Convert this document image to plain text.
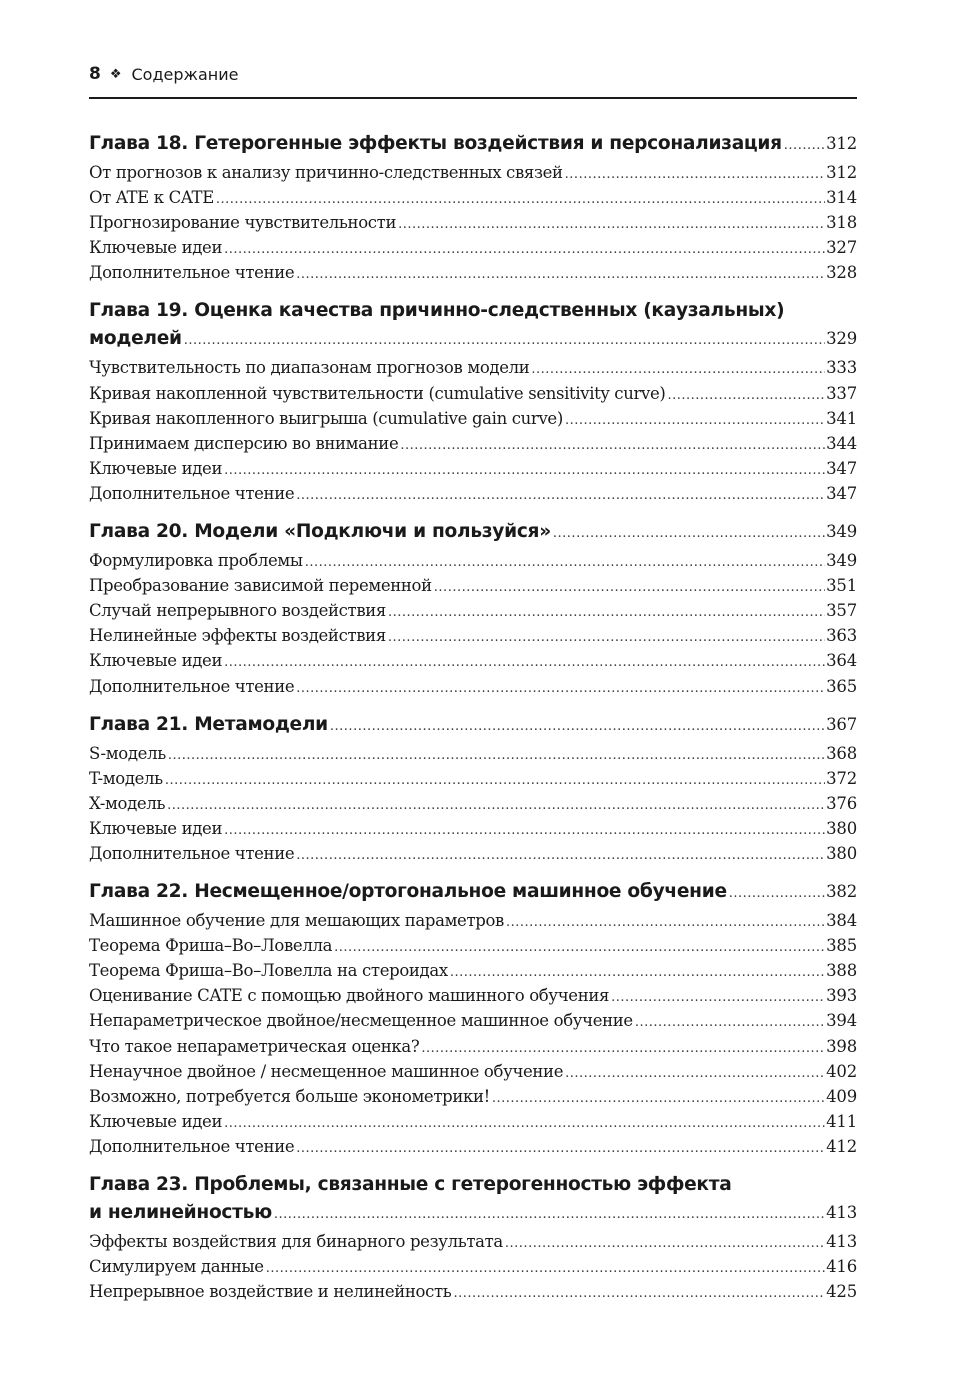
8 ❖ Содержание
Глава 18. Гетерогенные эффекты воздействия и персонализация .....	312
От прогнозов к анализу причинно-следственных связей .....	312
От ATE к CATE .....	314
Прогнозирование чувствительности .....	318
Ключевые идеи .....	327
Дополнительное чтение .....	328
Глава 19. Оценка качества причинно-следственных (каузальных)
моделей .....	329
Чувствительность по диапазонам прогнозов модели .....	333
Кривая накопленной чувствительности (cumulative sensitivity curve) .....	337
Кривая накопленного выигрыша (cumulative gain curve) .....	341
Принимаем дисперсию во внимание .....	344
Ключевые идеи .....	347
Дополнительное чтение .....	347
Глава 20. Модели «Подключи и пользуйся» .....	349
Формулировка проблемы .....	349
Преобразование зависимой переменной .....	351
Случай непрерывного воздействия .....	357
Нелинейные эффекты воздействия .....	363
Ключевые идеи .....	364
Дополнительное чтение .....	365
Глава 21. Метамодели .....	367
S-модель .....	368
T-модель .....	372
X-модель .....	376
Ключевые идеи .....	380
Дополнительное чтение .....	380
Глава 22. Несмещенное/ортогональное машинное обучение .....	382
Машинное обучение для мешающих параметров .....	384
Теорема Фриша–Во–Ловелла .....	385
Теорема Фриша–Во–Ловелла на стероидах .....	388
Оценивание CATE с помощью двойного машинного обучения .....	393
Непараметрическое двойное/несмещенное машинное обучение .....	394
Что такое непараметрическая оценка? .....	398
Ненаучное двойное / несмещенное машинное обучение .....	402
Возможно, потребуется больше эконометрики! .....	409
Ключевые идеи .....	411
Дополнительное чтение .....	412
Глава 23. Проблемы, связанные с гетерогенностью эффекта
и нелинейностью .....	413
Эффекты воздействия для бинарного результата .....	413
Симулируем данные .....	416
Непрерывное воздействие и нелинейность .....	425
